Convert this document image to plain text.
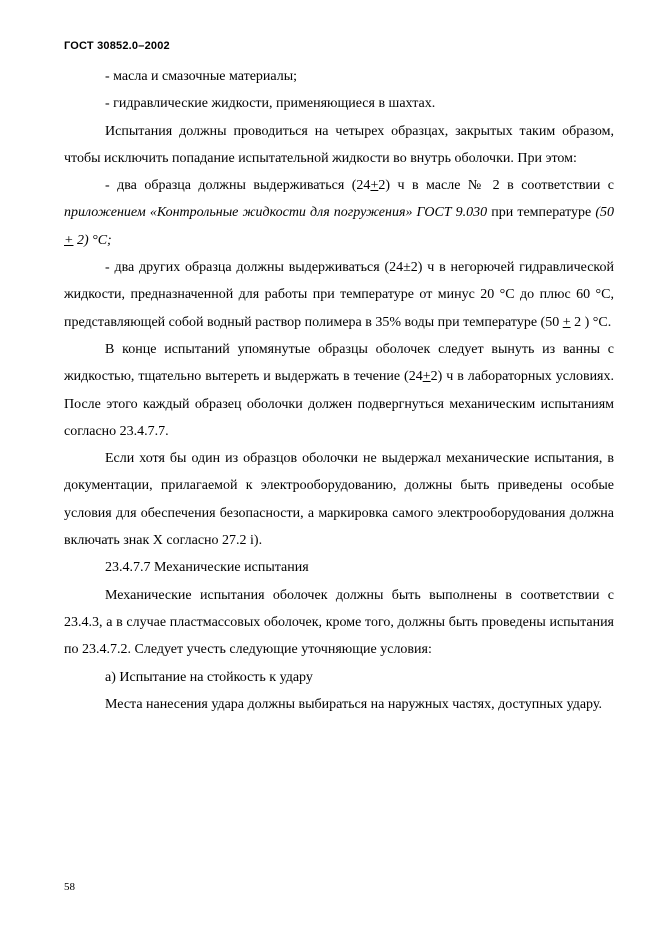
ГОСТ 30852.0–2002

- масла и смазочные материалы;

- гидравлические жидкости, применяющиеся в шахтах.

Испытания должны проводиться на четырех образцах, закрытых таким образом, чтобы исключить попадание испытательной жидкости во внутрь оболочки. При этом:

- два образца должны выдерживаться (24+2) ч в масле № 2 в соответствии с приложением «Контрольные жидкости для погружения» ГОСТ 9.030 при температуре (50 + 2) °С;

- два других образца должны выдерживаться (24±2) ч в негорючей гидравлической жидкости, предназначенной для работы при температуре от минус 20 °С до плюс 60 °С, представляющей собой водный раствор полимера в 35% воды при температуре (50 + 2 ) °С.

В конце испытаний упомянутые образцы оболочек следует вынуть из ванны с жидкостью, тщательно вытереть и выдержать в течение (24+2) ч в лабораторных условиях. После этого каждый образец оболочки должен подвергнуться механическим испытаниям согласно 23.4.7.7.

Если хотя бы один из образцов оболочки не выдержал механические испытания, в документации, прилагаемой к электрооборудованию, должны быть приведены особые условия для обеспечения безопасности, а маркировка самого электрооборудования должна включать знак Х согласно 27.2 i).

23.4.7.7 Механические испытания

Механические испытания оболочек должны быть выполнены в соответствии с 23.4.3, а в случае пластмассовых оболочек, кроме того, должны быть проведены испытания по 23.4.7.2. Следует учесть следующие уточняющие условия:

а) Испытание на стойкость к удару

Места нанесения удара должны выбираться на наружных частях, доступных удару.

58
